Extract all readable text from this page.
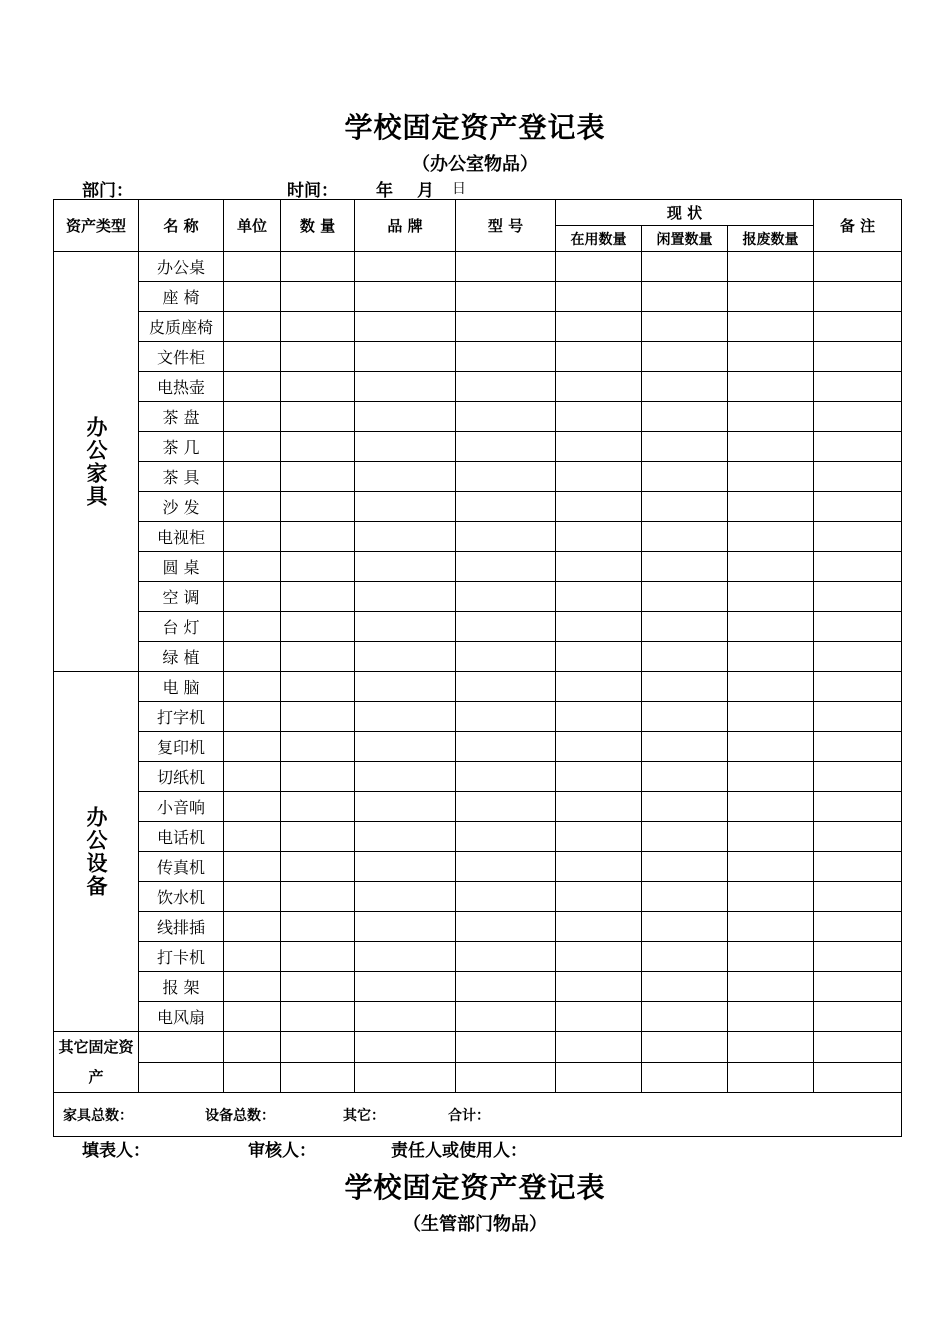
学校固定资产登记表
（办公室物品）
部门：	时间： 年 月 日
资产类型	名 称	单位	数 量	品 牌	型 号	现 状			备 注
						在用数量	闲置数量	报废数量	
办公家具	办公桌								
	座 椅								
	皮质座椅								
	文件柜								
	电热壶								
	茶 盘								
	茶 几								
	茶 具								
	沙 发								
	电视柜								
	圆 桌								
	空 调								
	台 灯								
	绿 植								
办公设备	电 脑								
	打字机								
	复印机								
	切纸机								
	小音响								
	电话机								
	传真机								
	饮水机								
	线排插								
	打卡机								
	报 架								
	电风扇								
其它固定资产									

家具总数： 设备总数： 其它： 合计：									
填表人：	审核人：	责任人或使用人：
学校固定资产登记表
（生管部门物品）
